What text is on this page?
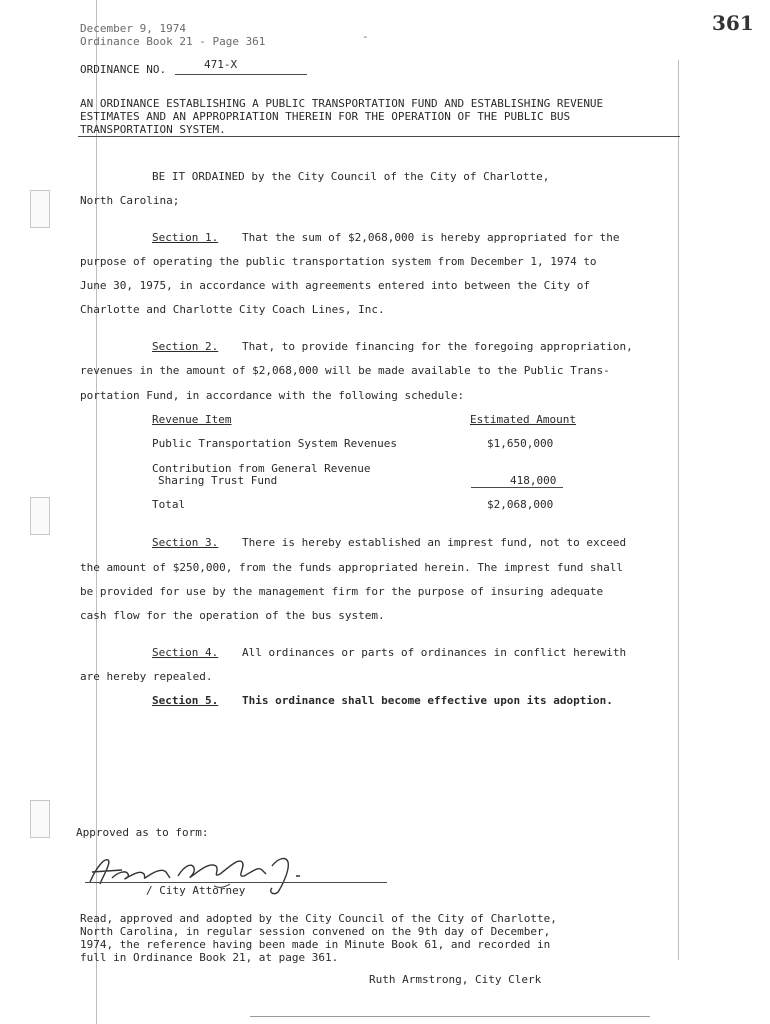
December 9, 1974
Ordinance Book 21 - Page 361	-
361
ORDINANCE NO.	471-X
AN ORDINANCE ESTABLISHING A PUBLIC TRANSPORTATION FUND AND ESTABLISHING REVENUE
ESTIMATES AND AN APPROPRIATION THEREIN FOR THE OPERATION OF THE PUBLIC BUS
TRANSPORTATION SYSTEM.
BE IT ORDAINED by the City Council of the City of Charlotte,
North Carolina;
Section 1. That the sum of $2,068,000 is hereby appropriated for the
purpose of operating the public transportation system from December 1, 1974 to
June 30, 1975, in accordance with agreements entered into between the City of
Charlotte and Charlotte City Coach Lines, Inc.
Section 2. That, to provide financing for the foregoing appropriation,
revenues in the amount of $2,068,000 will be made available to the Public Trans-
portation Fund, in accordance with the following schedule:
Revenue Item	Estimated Amount
Public Transportation System Revenues	$1,650,000
Contribution from General Revenue
Sharing Trust Fund	418,000
Total	$2,068,000
Section 3. There is hereby established an imprest fund, not to exceed
the amount of $250,000, from the funds appropriated herein. The imprest fund shall
be provided for use by the management firm for the purpose of insuring adequate
cash flow for the operation of the bus system.
Section 4. All ordinances or parts of ordinances in conflict herewith
are hereby repealed.
Section 5. This ordinance shall become effective upon its adoption.
Approved as to form:
/ City Attorney
Read, approved and adopted by the City Council of the City of Charlotte,
North Carolina, in regular session convened on the 9th day of December,
1974, the reference having been made in Minute Book 61, and recorded in
full in Ordinance Book 21, at page 361.
Ruth Armstrong, City Clerk
